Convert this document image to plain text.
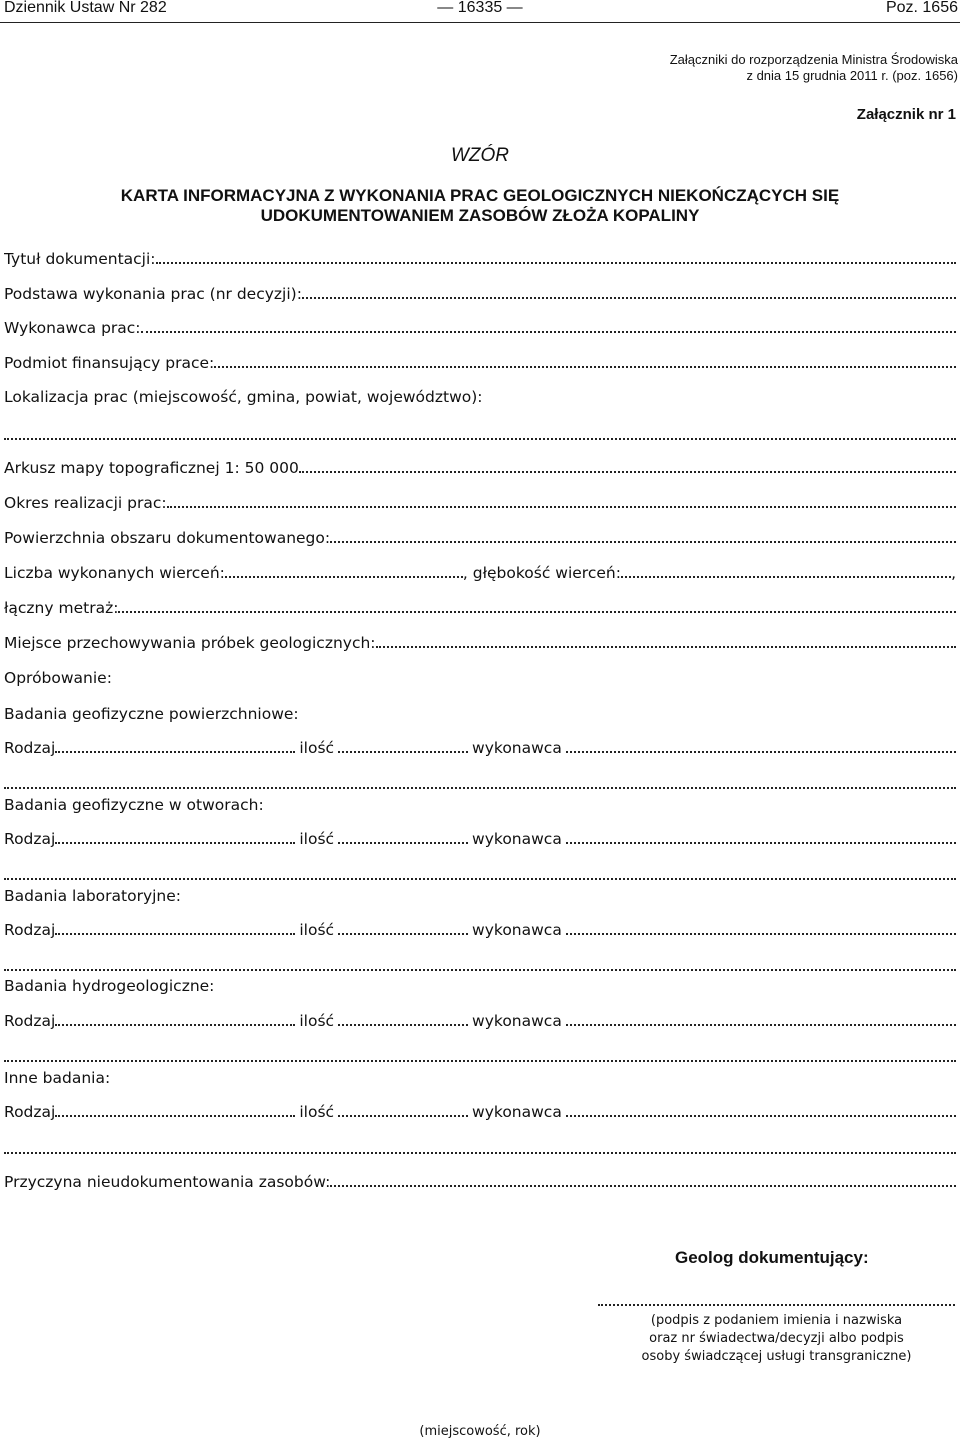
Dziennik Ustaw Nr 282	— 16335 —	Poz. 1656
Załączniki do rozporządzenia Ministra Środowiska
z dnia 15 grudnia 2011 r. (poz. 1656)
Załącznik nr 1
WZÓR
KARTA INFORMACYJNA Z WYKONANIA PRAC GEOLOGICZNYCH NIEKOŃCZĄCYCH SIĘ
UDOKUMENTOWANIEM ZASOBÓW ZŁOŻA KOPALINY
Tytuł dokumentacji:
Podstawa wykonania prac (nr decyzji):
Wykonawca prac:
Podmiot finansujący prace:
Lokalizacja prac (miejscowość, gmina, powiat, województwo):
Arkusz mapy topograficznej 1: 50 000
Okres realizacji prac:
Powierzchnia obszaru dokumentowanego:
Liczba wykonanych wierceń:	, głębokość wierceń:	,
łączny metraż:
Miejsce przechowywania próbek geologicznych:
Opróbowanie:
Badania geofizyczne powierzchniowe:
Rodzaj	ilość	wykonawca
Badania geofizyczne w otworach:
Rodzaj	ilość	wykonawca
Badania laboratoryjne:
Rodzaj	ilość	wykonawca
Badania hydrogeologiczne:
Rodzaj	ilość	wykonawca
Inne badania:
Rodzaj	ilość	wykonawca
Przyczyna nieudokumentowania zasobów:
Geolog dokumentujący:
(podpis z podaniem imienia i nazwiska
oraz nr świadectwa/decyzji albo podpis
osoby świadczącej usługi transgraniczne)
(miejscowość, rok)
